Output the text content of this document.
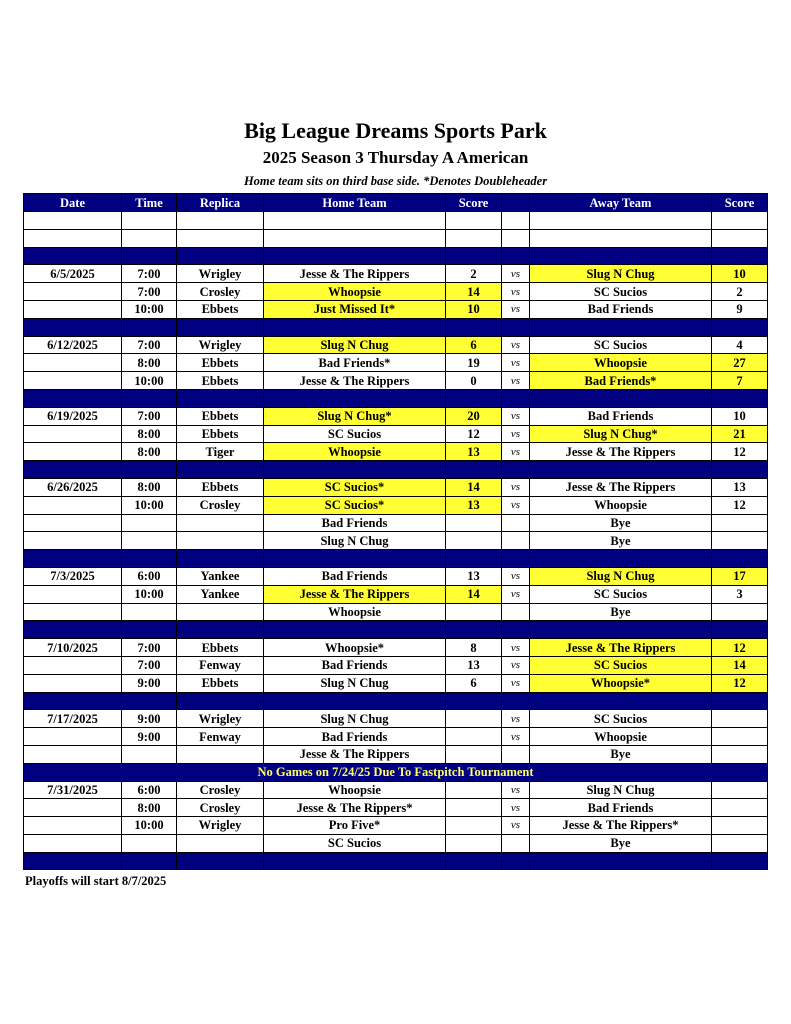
Big League Dreams Sports Park
2025 Season 3 Thursday A American
Home team sits on third base side. *Denotes Doubleheader
Date	Time	Replica	Home Team	Score		Away Team	Score

6/5/2025	7:00	Wrigley	Jesse & The Rippers	2	vs	Slug N Chug	10
	7:00	Crosley	Whoopsie	14	vs	SC Sucios	2
	10:00	Ebbets	Just Missed It*	10	vs	Bad Friends	9

6/12/2025	7:00	Wrigley	Slug N Chug	6	vs	SC Sucios	4
	8:00	Ebbets	Bad Friends*	19	vs	Whoopsie	27
	10:00	Ebbets	Jesse & The Rippers	0	vs	Bad Friends*	7

6/19/2025	7:00	Ebbets	Slug N Chug*	20	vs	Bad Friends	10
	8:00	Ebbets	SC Sucios	12	vs	Slug N Chug*	21
	8:00	Tiger	Whoopsie	13	vs	Jesse & The Rippers	12

6/26/2025	8:00	Ebbets	SC Sucios*	14	vs	Jesse & The Rippers	13
	10:00	Crosley	SC Sucios*	13	vs	Whoopsie	12
			Bad Friends			Bye	
			Slug N Chug			Bye	

7/3/2025	6:00	Yankee	Bad Friends	13	vs	Slug N Chug	17
	10:00	Yankee	Jesse & The Rippers	14	vs	SC Sucios	3
			Whoopsie			Bye	

7/10/2025	7:00	Ebbets	Whoopsie*	8	vs	Jesse & The Rippers	12
	7:00	Fenway	Bad Friends	13	vs	SC Sucios	14
	9:00	Ebbets	Slug N Chug	6	vs	Whoopsie*	12

7/17/2025	9:00	Wrigley	Slug N Chug		vs	SC Sucios	
	9:00	Fenway	Bad Friends		vs	Whoopsie	
			Jesse & The Rippers			Bye	
No Games on 7/24/25 Due To Fastpitch Tournament							
7/31/2025	6:00	Crosley	Whoopsie		vs	Slug N Chug	
	8:00	Crosley	Jesse & The Rippers*		vs	Bad Friends	
	10:00	Wrigley	Pro Five*		vs	Jesse & The Rippers*	
			SC Sucios			Bye	

Playoffs will start 8/7/2025
